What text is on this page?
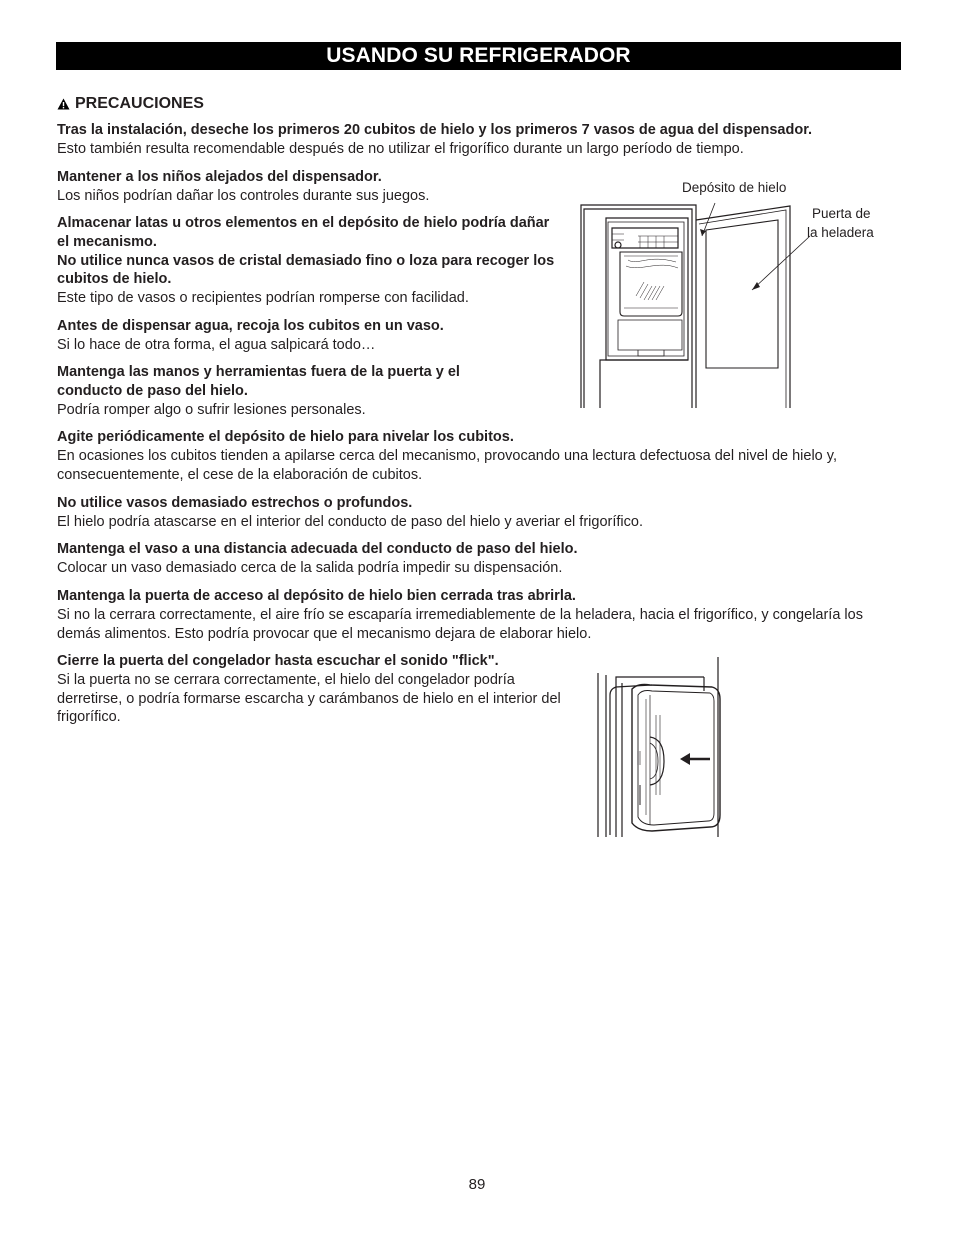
USANDO SU REFRIGERADOR
PRECAUCIONES

Tras la instalación, deseche los primeros 20 cubitos de hielo y los primeros 7 vasos de agua del dispensador.
Esto también resulta recomendable después de no utilizar el frigorífico durante un largo período de tiempo.

Mantener a los niños alejados del dispensador.
Los niños podrían dañar los controles durante sus juegos.

Almacenar latas u otros elementos en el depósito de hielo podría dañar el mecanismo.
No utilice nunca vasos de cristal demasiado fino o loza para recoger los cubitos de hielo.
Este tipo de vasos o recipientes podrían romperse con facilidad.

Antes de dispensar agua, recoja los cubitos en un vaso.
Si lo hace de otra forma, el agua salpicará todo…

Mantenga las manos y herramientas fuera de la puerta y el conducto de paso del hielo.
Podría romper algo o sufrir lesiones personales.

Agite periódicamente el depósito de hielo para nivelar los cubitos.
En ocasiones los cubitos tienden a apilarse cerca del mecanismo, provocando una lectura defectuosa del nivel de hielo y, consecuentemente, el cese de la elaboración de cubitos.

No utilice vasos demasiado estrechos o profundos.
El hielo podría atascarse en el interior del conducto de paso del hielo y averiar el frigorífico.

Mantenga el vaso a una distancia adecuada del conducto de paso del hielo.
Colocar un vaso demasiado cerca de la salida podría impedir su dispensación.

Mantenga la puerta de acceso al depósito de hielo bien cerrada tras abrirla.
Si no la cerrara correctamente, el aire frío se escaparía irremediablemente de la heladera, hacia el frigorífico, y congelaría los demás alimentos. Esto podría provocar que el mecanismo dejara de elaborar hielo.

Cierre la puerta del congelador hasta escuchar el sonido "flick".
Si la puerta no se cerrara correctamente, el hielo del congelador podría derretirse, o podría formarse escarcha y carámbanos de hielo en el interior del frigorífico.

Depósito de hielo
Puerta de
la heladera
89
